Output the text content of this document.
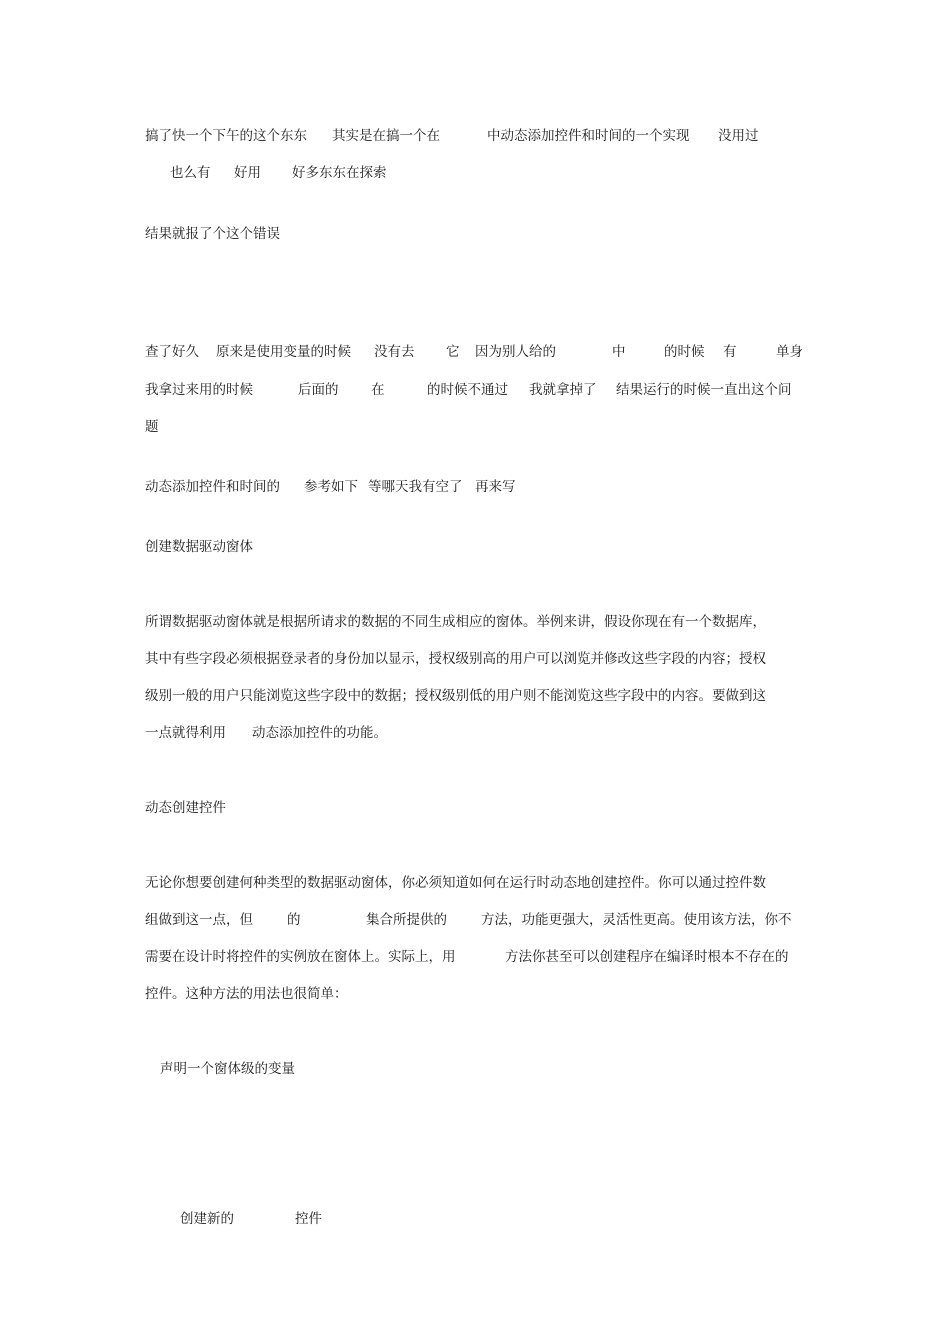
搞了快一个下午的这个东东 其实是在搞一个在	中动态添加控件和时间的一个实现 没用过
也么有 好用 好多东东在探索
结果就报了个这个错误
查了好久 原来是使用变量的时候 没有去 它 因为别人给的	中	的时候 有	单身
我拿过来用的时候	后面的 在	的时候不通过 我就拿掉了 结果运行的时候一直出这个问
题
动态添加控件和时间的 参考如下 等哪天我有空了 再来写
创建数据驱动窗体
所谓数据驱动窗体就是根据所请求的数据的不同生成相应的窗体。举例来讲，假设你现在有一个数据库，
其中有些字段必须根据登录者的身份加以显示，授权级别高的用户可以浏览并修改这些字段的内容；授权
级别一般的用户只能浏览这些字段中的数据；授权级别低的用户则不能浏览这些字段中的内容。要做到这
一点就得利用 动态添加控件的功能。
动态创建控件
无论你想要创建何种类型的数据驱动窗体，你必须知道如何在运行时动态地创建控件。你可以通过控件数
组做到这一点，但	的	集合所提供的	方法，功能更强大，灵活性更高。使用该方法，你不
需要在设计时将控件的实例放在窗体上。实际上，用	方法你甚至可以创建程序在编译时根本不存在的
控件。这种方法的用法也很简单：
声明一个窗体级的变量
创建新的	控件
